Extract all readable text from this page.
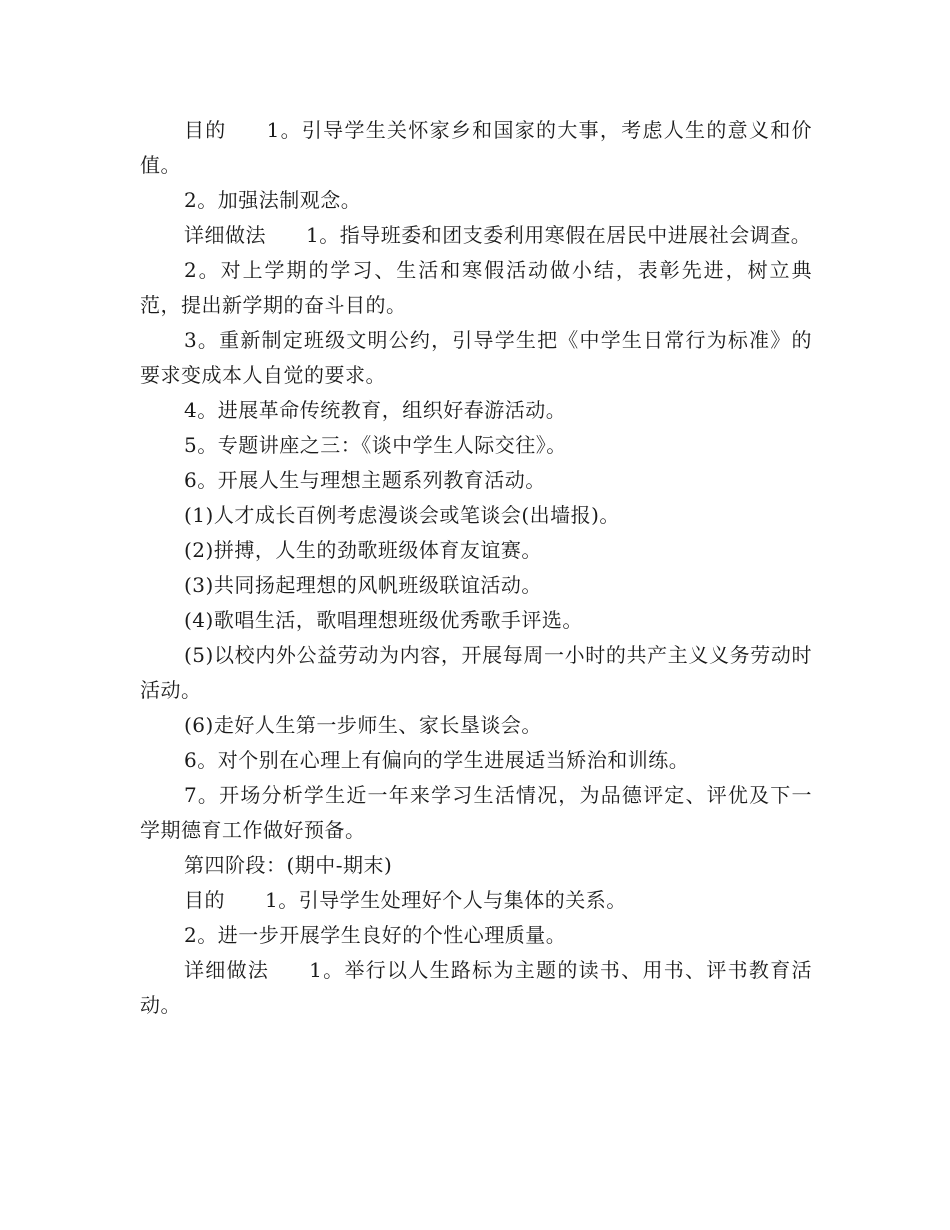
目的 1。引导学生关怀家乡和国家的大事，考虑人生的意义和价值。

2。加强法制观念。

详细做法 1。指导班委和团支委利用寒假在居民中进展社会调查。

2。对上学期的学习、生活和寒假活动做小结，表彰先进，树立典范，提出新学期的奋斗目的。

3。重新制定班级文明公约，引导学生把《中学生日常行为标准》的要求变成本人自觉的要求。

4。进展革命传统教育，组织好春游活动。

5。专题讲座之三：《谈中学生人际交往》。

6。开展人生与理想主题系列教育活动。

(1)人才成长百例考虑漫谈会或笔谈会(出墙报)。

(2)拼搏，人生的劲歌班级体育友谊赛。

(3)共同扬起理想的风帆班级联谊活动。

(4)歌唱生活，歌唱理想班级优秀歌手评选。

(5)以校内外公益劳动为内容，开展每周一小时的共产主义义务劳动时活动。

(6)走好人生第一步师生、家长垦谈会。

6。对个别在心理上有偏向的学生进展适当矫治和训练。

7。开场分析学生近一年来学习生活情况，为品德评定、评优及下一学期德育工作做好预备。

第四阶段：(期中-期末)

目的 1。引导学生处理好个人与集体的关系。

2。进一步开展学生良好的个性心理质量。

详细做法 1。举行以人生路标为主题的读书、用书、评书教育活动。
